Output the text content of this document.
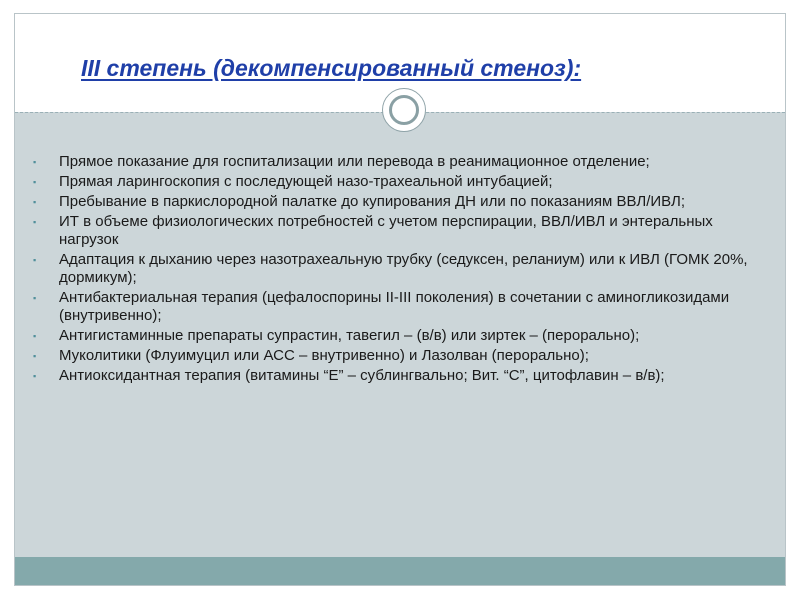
III степень (декомпенсированный стеноз):
▪ Прямое показание для госпитализации или перевода в реанимационное отделение;
▪ Прямая ларингоскопия с последующей назо-трахеальной интубацией;
▪ Пребывание в паркислородной палатке до купирования ДН или по показаниям ВВЛ/ИВЛ;
▪ ИТ в объеме физиологических потребностей с учетом перспирации, ВВЛ/ИВЛ и энтеральных нагрузок
▪ Адаптация к дыханию через назотрахеальную трубку (седуксен, реланиум) или к ИВЛ (ГОМК 20%, дормикум);
▪ Антибактериальная терапия (цефалоспорины II-III поколения) в сочетании с аминогликозидами (внутривенно);
▪ Антигистаминные препараты супрастин, тавегил – (в/в) или зиртек – (перорально);
▪ Муколитики (Флуимуцил или АСС – внутривенно) и Лазолван (перорально);
▪ Антиоксидантная терапия (витамины “Е” – сублингвально; Вит. “С”, цитофлавин – в/в);
